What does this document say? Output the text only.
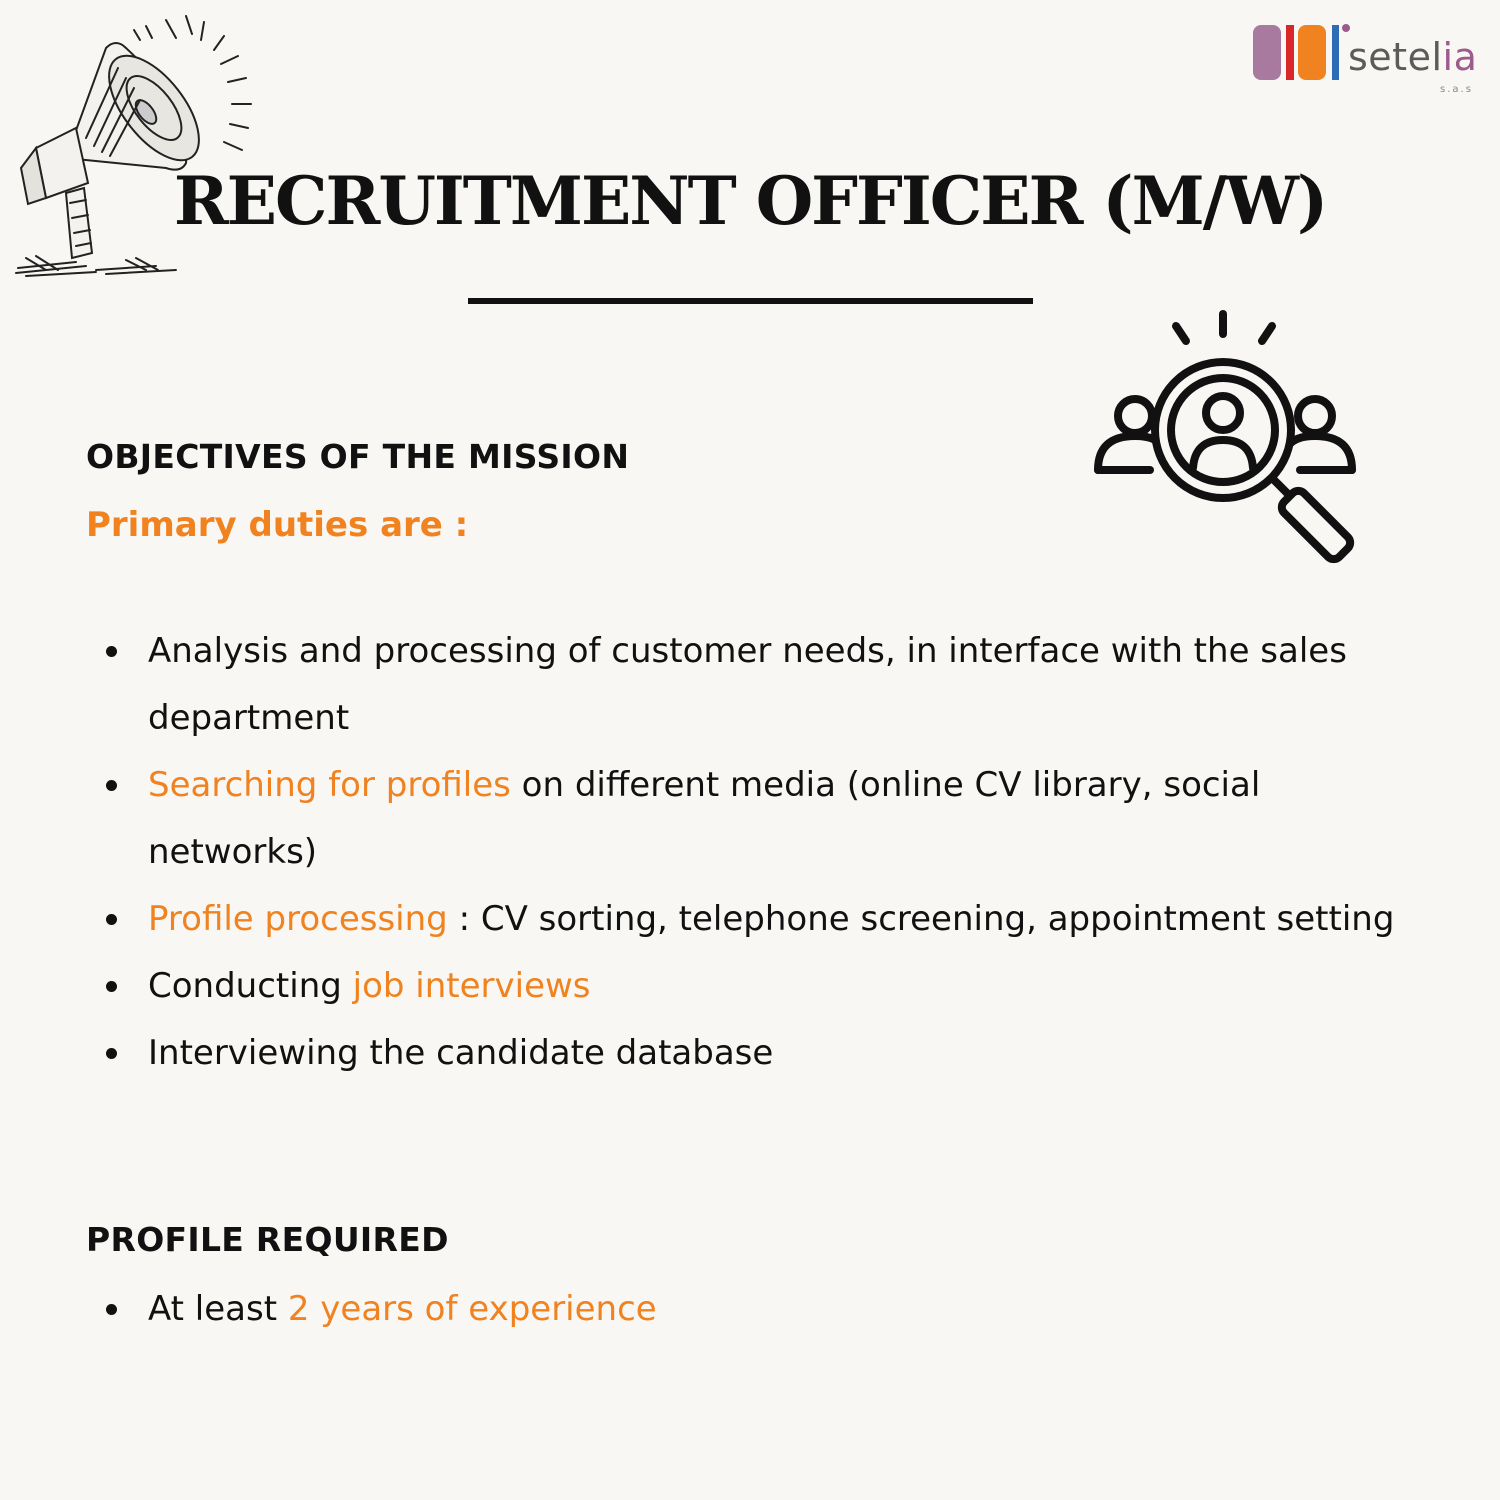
setelia
s.a.s
RECRUITMENT OFFICER (M/W)
OBJECTIVES OF THE MISSION

Primary duties are :

Analysis and processing of customer needs, in interface with the sales department
Searching for profiles on different media (online CV library, social networks)
Profile processing : CV sorting, telephone screening, appointment setting
Conducting job interviews
Interviewing the candidate database
PROFILE REQUIRED
At least 2 years of experience
